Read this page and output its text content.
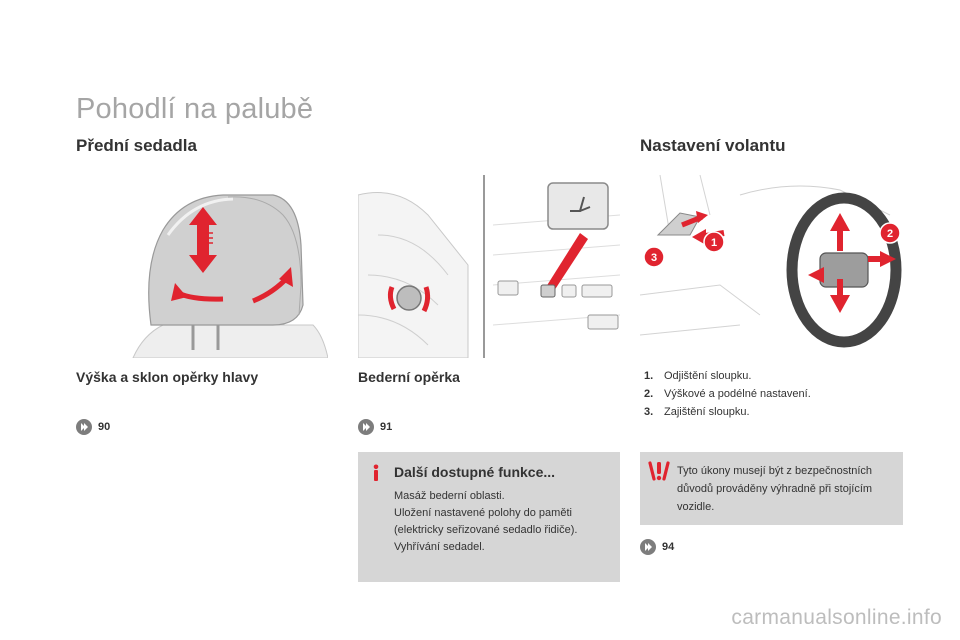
Pohodlí na palubě
Přední sedadla	Nastavení volantu
1
2
3
Výška a sklon opěrky hlavy	Bederní opěrka
90	91
94
1. Odjištění sloupku.
2. Výškové a podélné nastavení.
3. Zajištění sloupku.
Další dostupné funkce...
Masáž bederní oblasti.
Uložení nastavené polohy do paměti (elektricky seřizované sedadlo řidiče).
Vyhřívání sedadel.
Tyto úkony musejí být z bezpečnostních důvodů prováděny výhradně při stojícím vozidle.
carmanualsonline.info
